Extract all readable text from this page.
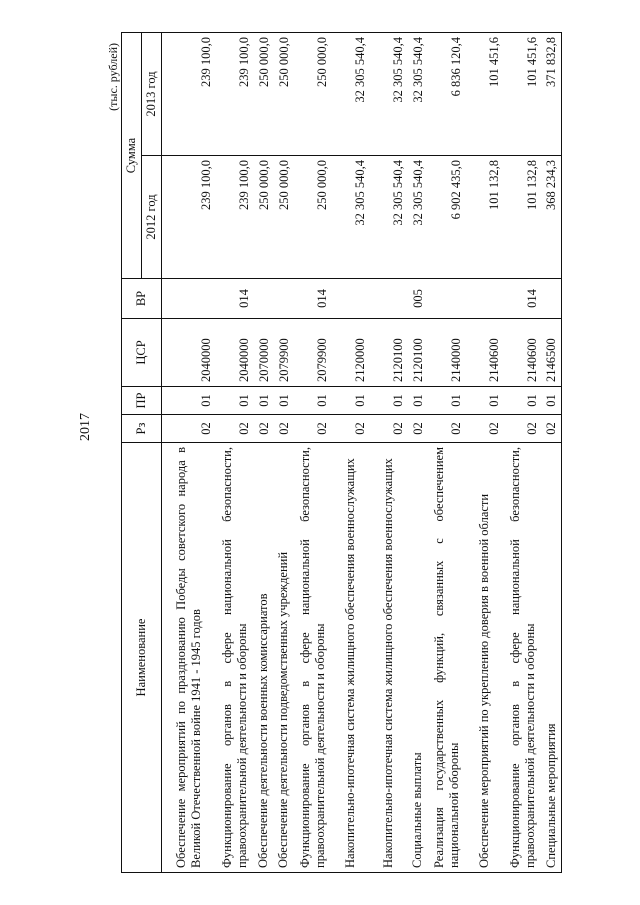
2017
(тыс. рублей)
Наименование	Рз	ПР	ЦСР	ВР	Сумма	
					2012 год	2013 год
Обеспечение мероприятий по празднованию Победы советского народа в Великой Отечественной войне 1941 - 1945 годов	02	01	2040000		239 100,0	239 100,0
Функционирование органов в сфере национальной безопасности, правоохранительной деятельности и обороны	02	01	2040000	014	239 100,0	239 100,0
Обеспечение деятельности военных комиссариатов	02	01	2070000		250 000,0	250 000,0
Обеспечение деятельности подведомственных учреждений	02	01	2079900		250 000,0	250 000,0
Функционирование органов в сфере национальной безопасности, правоохранительной деятельности и обороны	02	01	2079900	014	250 000,0	250 000,0
Накопительно-ипотечная система жилищного обеспечения военнослужащих	02	01	2120000		32 305 540,4	32 305 540,4
Накопительно-ипотечная система жилищного обеспечения военнослужащих	02	01	2120100		32 305 540,4	32 305 540,4
Социальные выплаты	02	01	2120100	005	32 305 540,4	32 305 540,4
Реализация государственных функций, связанных с обеспечением национальной обороны	02	01	2140000		6 902 435,0	6 836 120,4
Обеспечение мероприятий по укреплению доверия в военной области	02	01	2140600		101 132,8	101 451,6
Функционирование органов в сфере национальной безопасности, правоохранительной деятельности и обороны	02	01	2140600	014	101 132,8	101 451,6
Специальные мероприятия	02	01	2146500		368 234,3	371 832,8
